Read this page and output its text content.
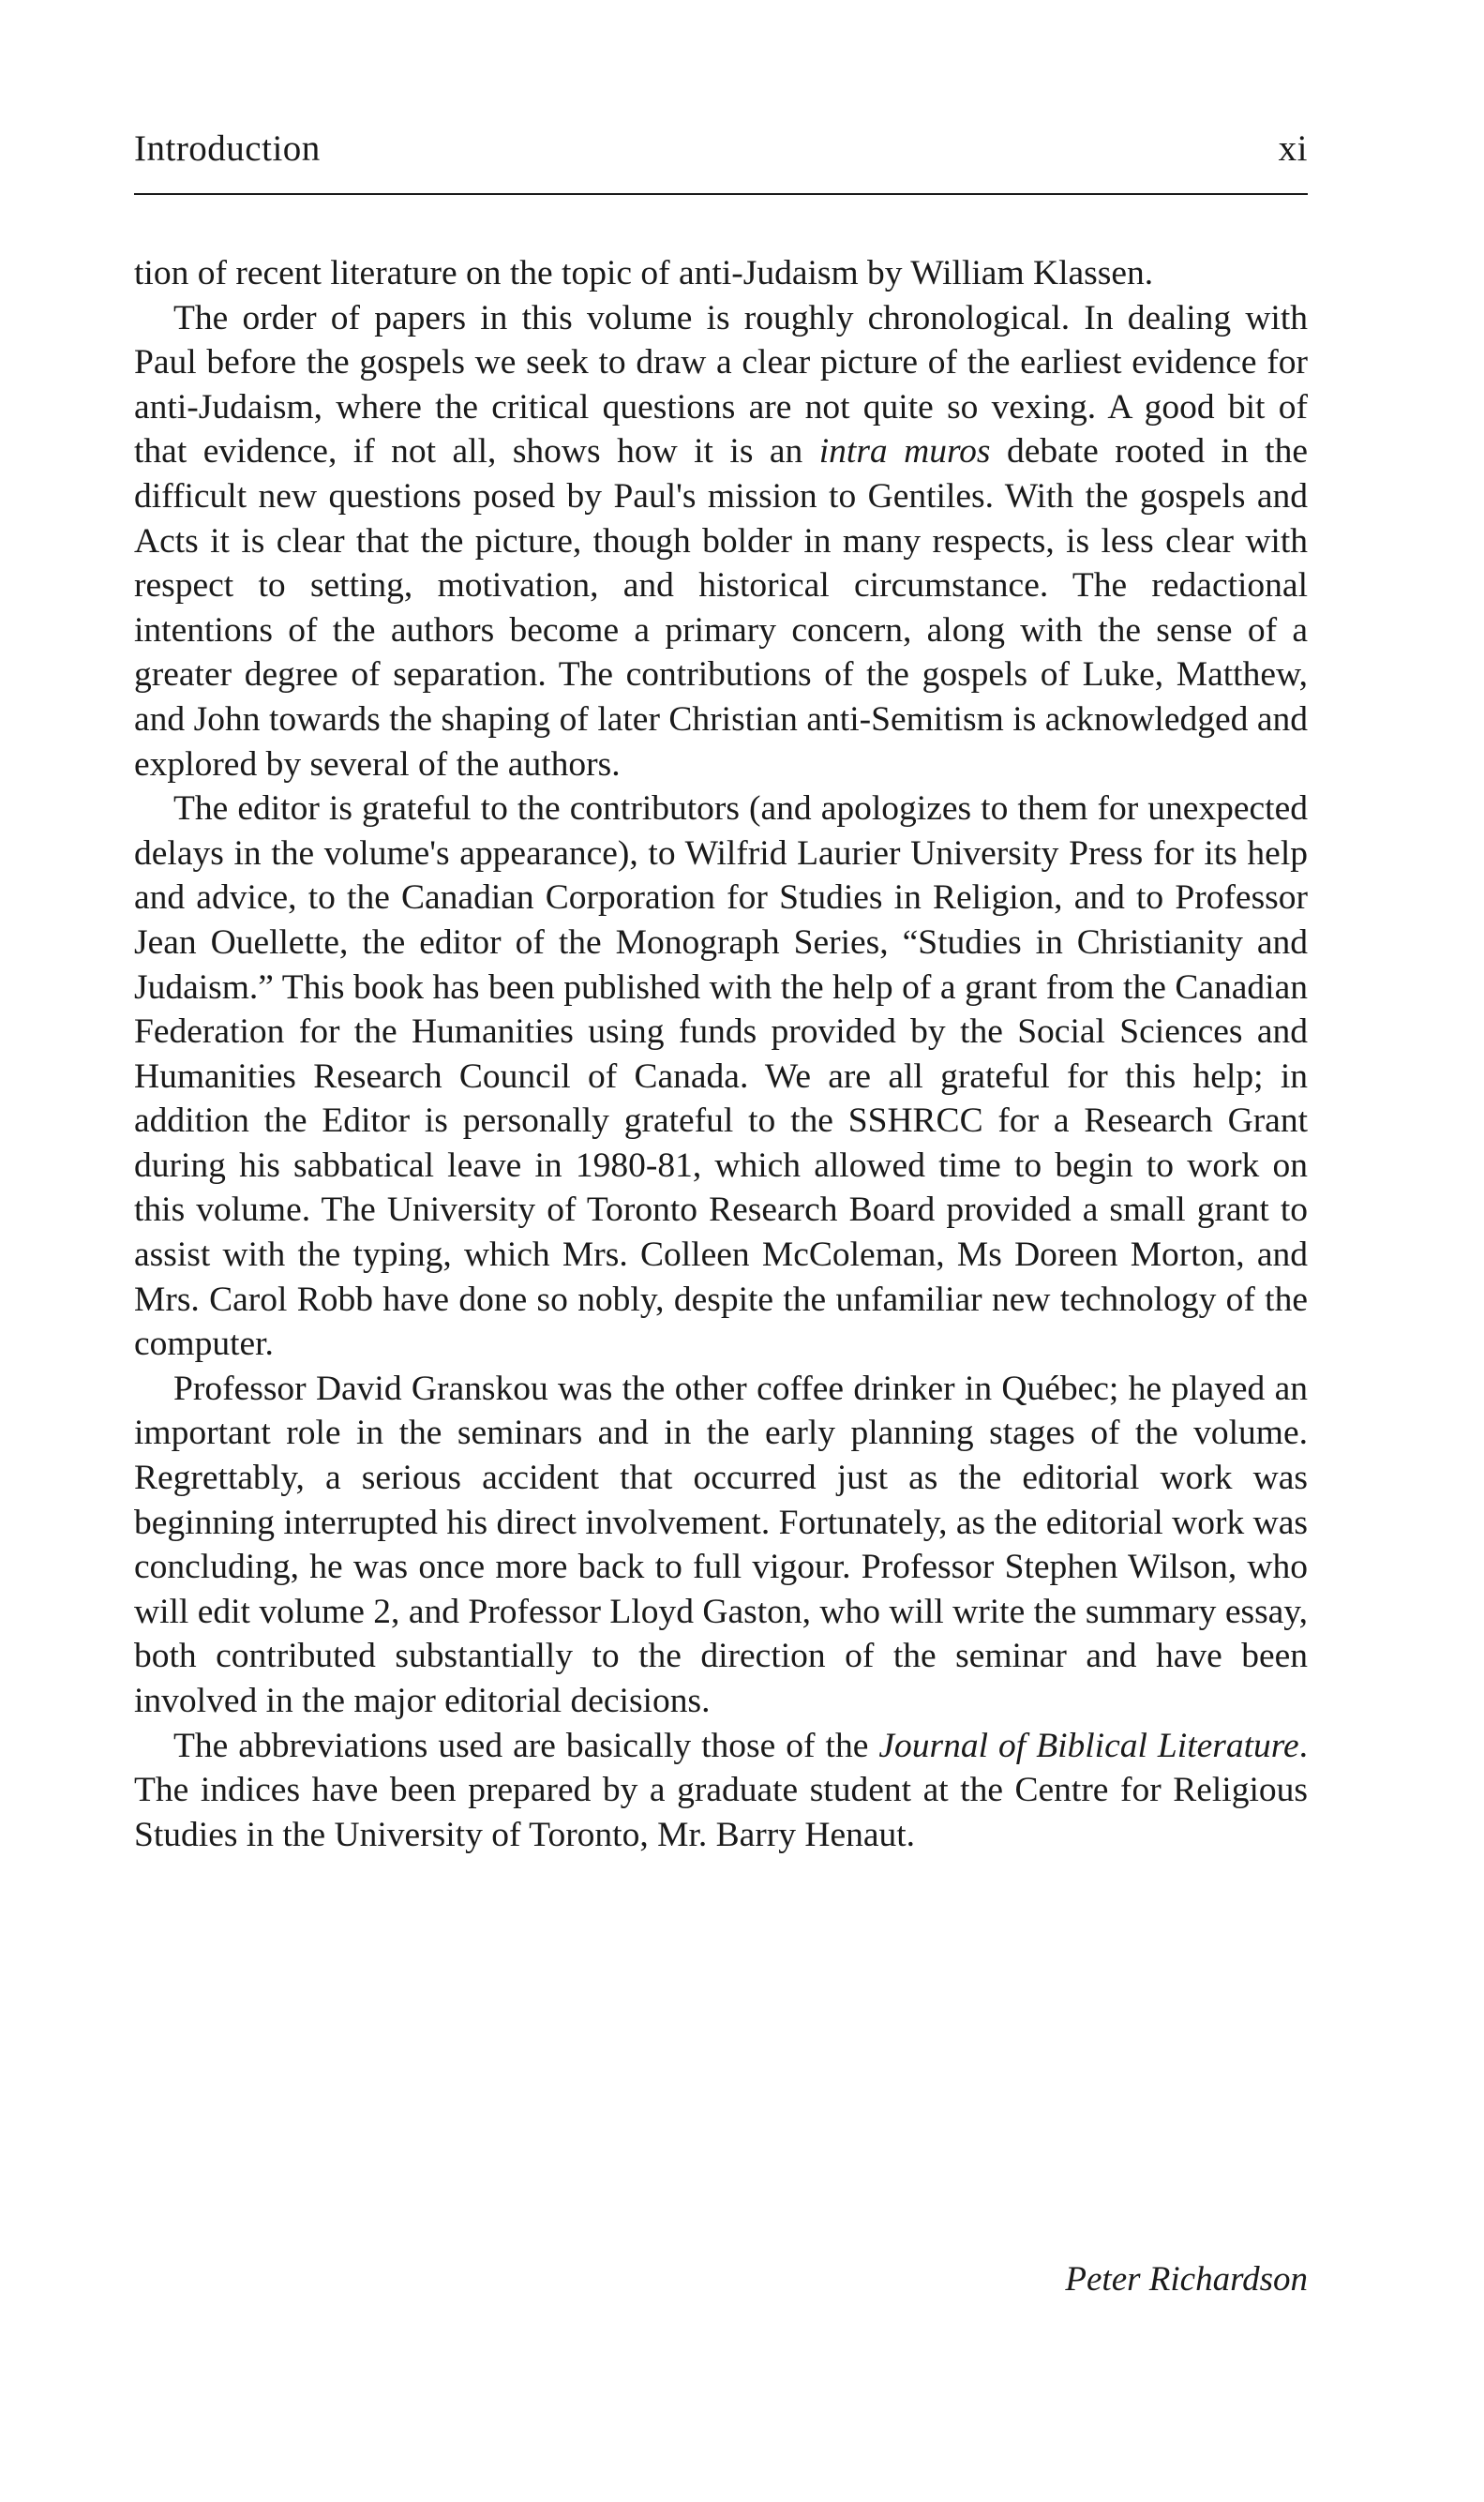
Introduction	xi

tion of recent literature on the topic of anti-Judaism by William Klassen.

The order of papers in this volume is roughly chronological. In dealing with Paul before the gospels we seek to draw a clear picture of the earliest evidence for anti-Judaism, where the critical questions are not quite so vexing. A good bit of that evidence, if not all, shows how it is an intra muros debate rooted in the difficult new questions posed by Paul's mission to Gentiles. With the gospels and Acts it is clear that the picture, though bolder in many respects, is less clear with respect to setting, motivation, and historical circumstance. The redactional intentions of the authors become a primary concern, along with the sense of a greater degree of separation. The contributions of the gospels of Luke, Matthew, and John towards the shaping of later Christian anti-Semitism is acknowledged and explored by several of the authors.

The editor is grateful to the contributors (and apologizes to them for unexpected delays in the volume's appearance), to Wilfrid Laurier University Press for its help and advice, to the Canadian Corporation for Studies in Religion, and to Professor Jean Ouellette, the editor of the Monograph Series, “Studies in Christianity and Judaism.” This book has been published with the help of a grant from the Canadian Federation for the Humanities using funds provided by the Social Sciences and Humanities Research Council of Canada. We are all grateful for this help; in addition the Editor is personally grateful to the SSHRCC for a Research Grant during his sabbatical leave in 1980-81, which allowed time to begin to work on this volume. The University of Toronto Research Board provided a small grant to assist with the typing, which Mrs. Colleen McColeman, Ms Doreen Morton, and Mrs. Carol Robb have done so nobly, despite the unfamiliar new technology of the computer.

Professor David Granskou was the other coffee drinker in Québec; he played an important role in the seminars and in the early planning stages of the volume. Regrettably, a serious accident that occurred just as the editorial work was beginning interrupted his direct involvement. Fortunately, as the editorial work was concluding, he was once more back to full vigour. Professor Stephen Wilson, who will edit volume 2, and Professor Lloyd Gaston, who will write the summary essay, both contributed substantially to the direction of the seminar and have been involved in the major editorial decisions.

The abbreviations used are basically those of the Journal of Biblical Literature. The indices have been prepared by a graduate student at the Centre for Religious Studies in the University of Toronto, Mr. Barry Henaut.

Peter Richardson
